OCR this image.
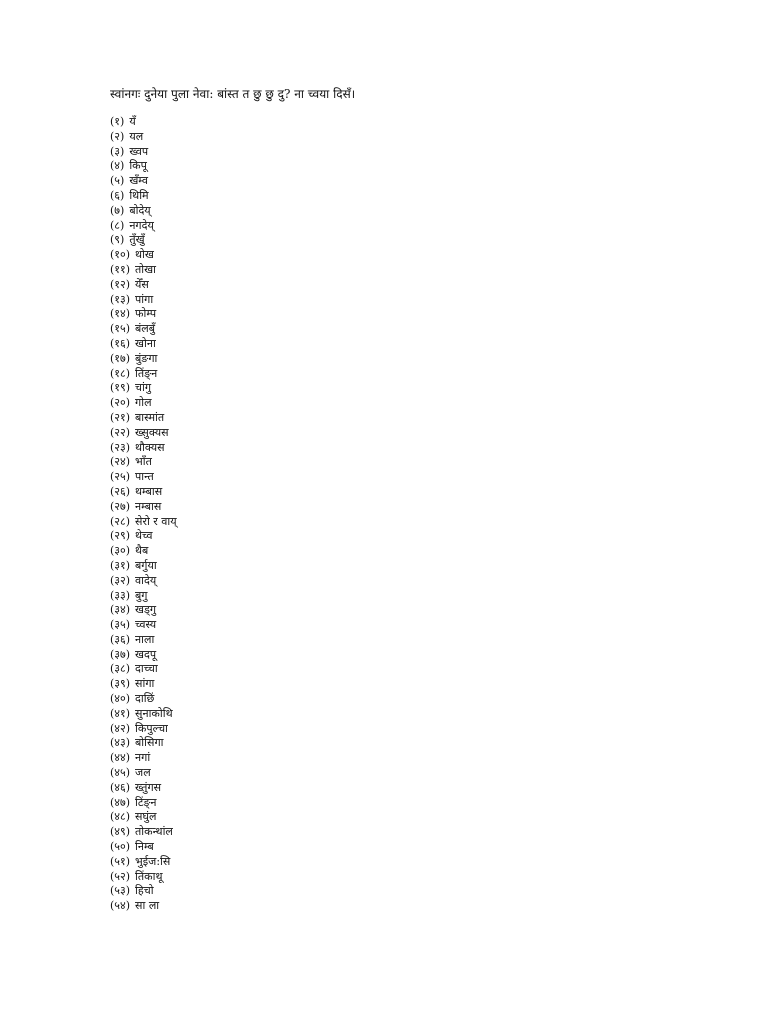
स्वांनगः दुनेया पुला नेवा: बांस्त त छु छु दु? ना च्वया दिसँ।
(१) यँ
(२) यल
(३) ख्वप
(४) किपू
(५) खँम्व
(६) थिमि
(७) बोदेय्
(८) नगदेय्
(९) तुँखुँ
(१०) थोख
(११) तोखा
(१२) येँस
(१३) पांगा
(१४) फोम्प
(१५) बंलबुँ
(१६) खोना
(१७) बुंङगा
(१८) तिंङ्न
(१९) चांगु
(२०) गोल
(२१) बास्मांत
(२२) ख्सुक्यस
(२३) थौक्यस
(२४) भाँत
(२५) पान्त
(२६) थम्बास
(२७) नम्बास
(२८) सेरो र वाय्
(२९) थेच्व
(३०) थैब
(३१) बर्गुया
(३२) वादेय्
(३३) बुगु
(३४) खड्गु
(३५) च्वस्य
(३६) नाला
(३७) खदपू
(३८) दाच्चा
(३९) सांगा
(४०) दाछिं
(४१) सुनाकोथि
(४२) किपुल्चा
(४३) बोसिगा
(४४) नगां
(४५) जल
(४६) ख्तुंगस
(४७) टिंङ्न
(४८) सघुंल
(४९) तोकन्थांल
(५०) निम्ब
(५१) भुईज:सि
(५२) तिंकाथू
(५३) हिचो
(५४) सा ला
